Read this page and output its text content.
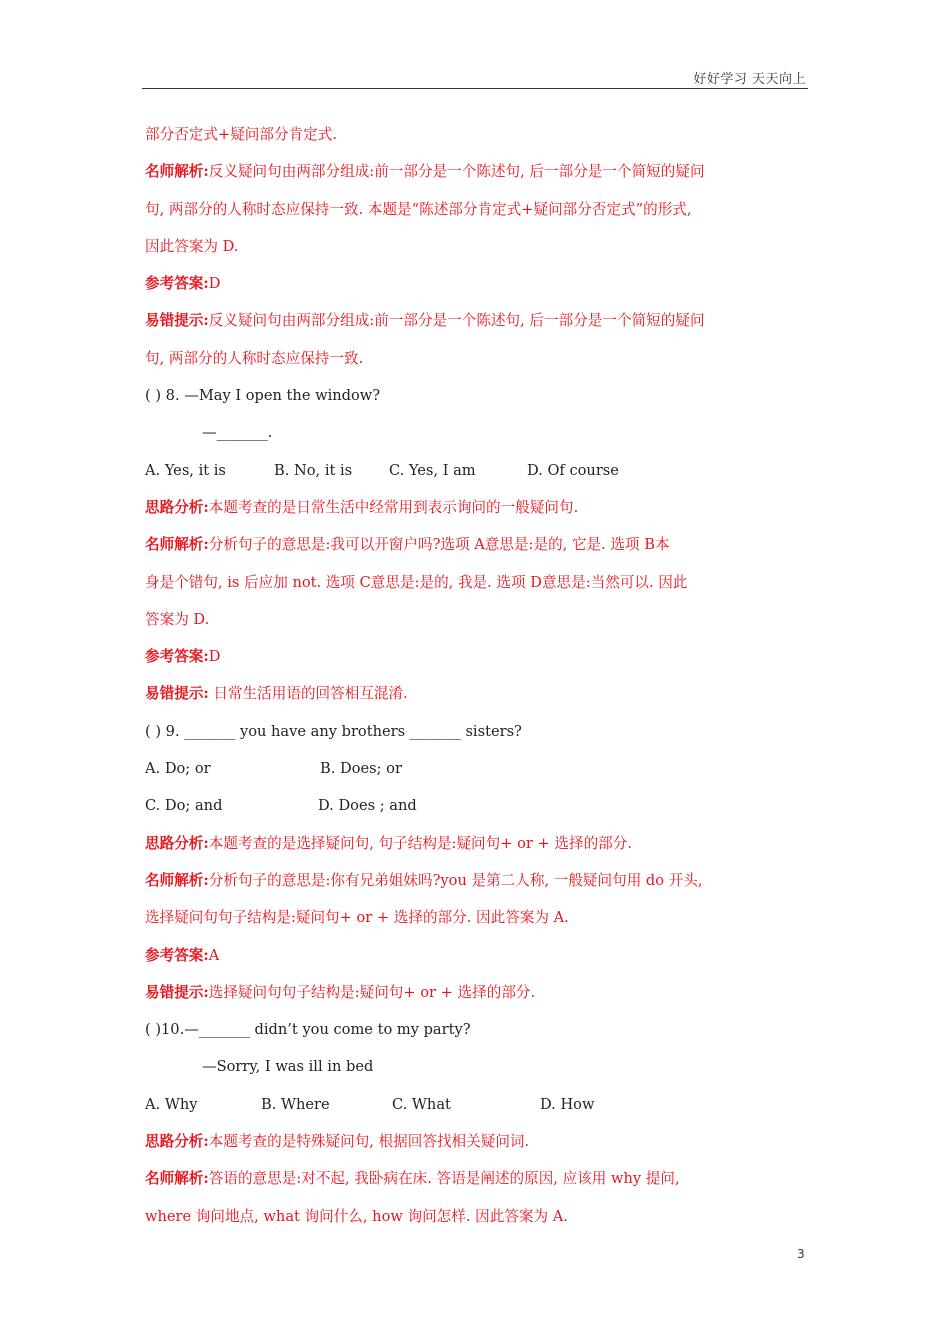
好好学习 天天向上
部分否定式+疑问部分肯定式.
名师解析:反义疑问句由两部分组成:前一部分是一个陈述句, 后一部分是一个简短的疑问
句, 两部分的人称时态应保持一致. 本题是“陈述部分肯定式+疑问部分否定式”的形式,
因此答案为 D.
参考答案:D
易错提示:反义疑问句由两部分组成:前一部分是一个陈述句, 后一部分是一个简短的疑问
句, 两部分的人称时态应保持一致.
( ) 8. —May I open the window?
—_______.
A. Yes, it is	B. No, it is	C. Yes, I am	D. Of course
思路分析:本题考查的是日常生活中经常用到表示询问的一般疑问句.
名师解析:分析句子的意思是:我可以开窗户吗?选项 A意思是:是的, 它是. 选项 B本
身是个错句, is 后应加 not. 选项 C意思是:是的, 我是. 选项 D意思是:当然可以. 因此
答案为 D.
参考答案:D
易错提示: 日常生活用语的回答相互混淆.
( ) 9. _______ you have any brothers _______ sisters?
A. Do; or	B. Does; or
C. Do; and	D. Does ; and
思路分析:本题考查的是选择疑问句, 句子结构是:疑问句+ or + 选择的部分.
名师解析:分析句子的意思是:你有兄弟姐妹吗?you 是第二人称, 一般疑问句用 do 开头,
选择疑问句句子结构是:疑问句+ or + 选择的部分. 因此答案为 A.
参考答案:A
易错提示:选择疑问句句子结构是:疑问句+ or + 选择的部分.
( )10.—_______ didn’t you come to my party?
—Sorry, I was ill in bed
A. Why	B. Where	C. What	D. How
思路分析:本题考查的是特殊疑问句, 根据回答找相关疑问词.
名师解析:答语的意思是:对不起, 我卧病在床. 答语是阐述的原因, 应该用 why 提问,
where 询问地点, what 询问什么, how 询问怎样. 因此答案为 A.
3
